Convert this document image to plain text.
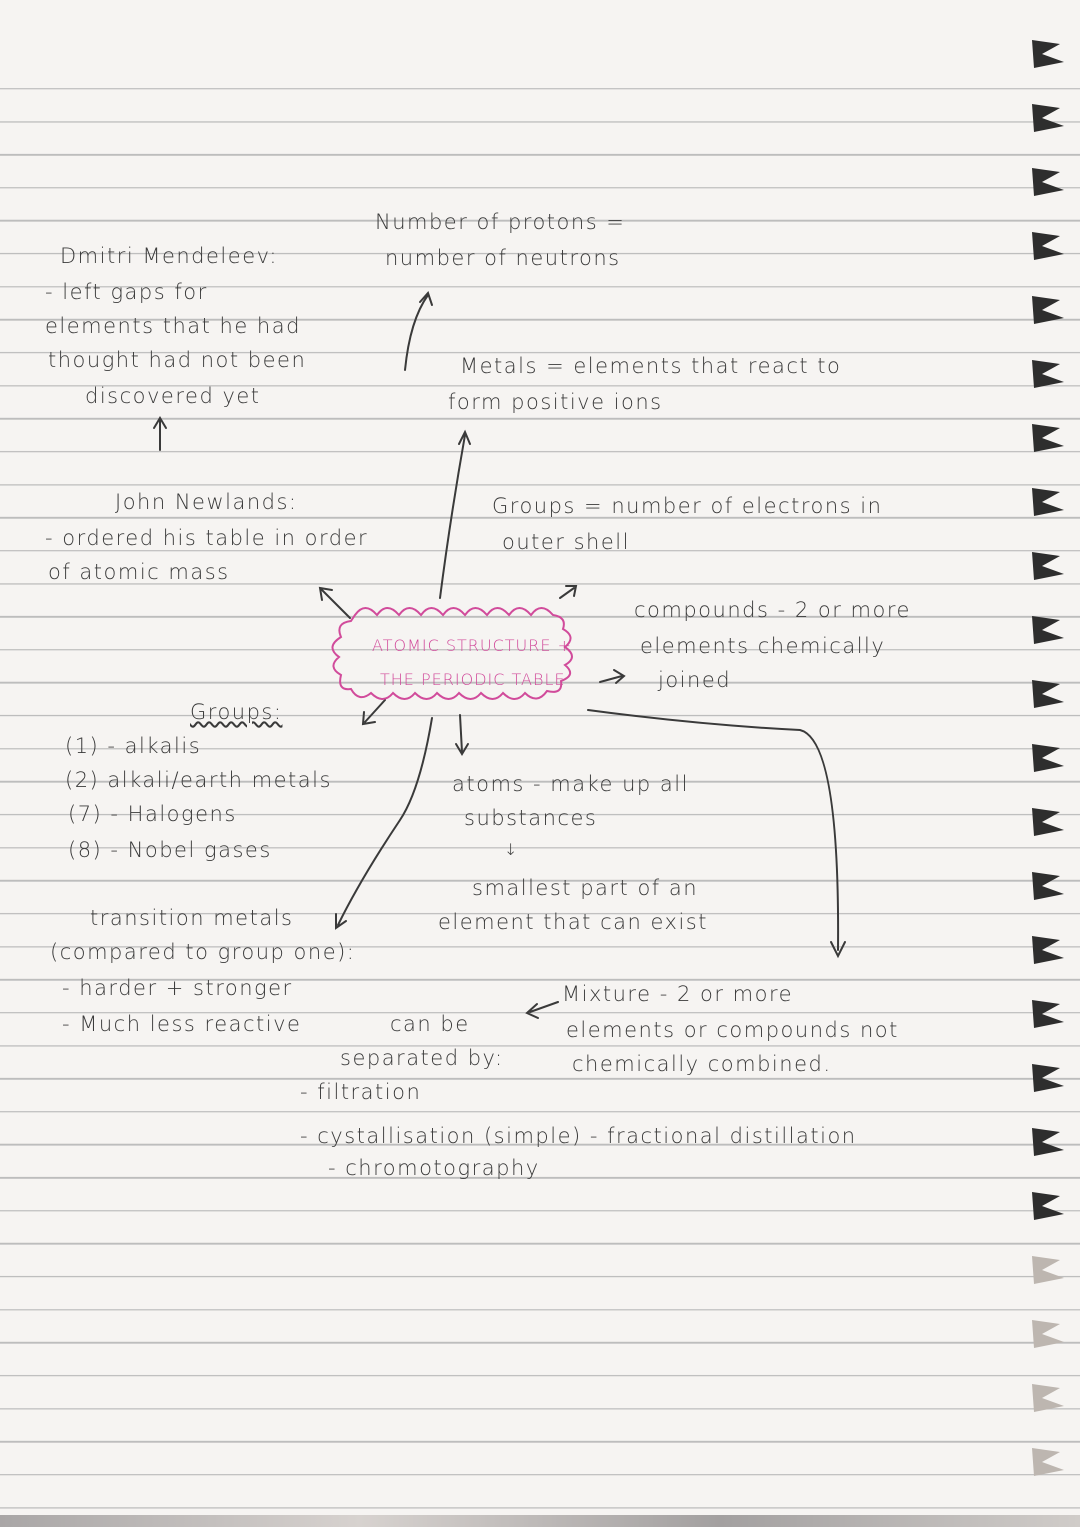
ATOMIC STRUCTURE +
THE PERIODIC TABLE
Number of protons =
number of neutrons
Dmitri Mendeleev:
- left gaps for
elements that he had
thought had not been
discovered yet
Metals = elements that react to
form positive ions
John Newlands:
- ordered his table in order
of atomic mass
Groups = number of electrons in
outer shell
compounds - 2 or more
elements chemically
joined
Groups:
(1) - alkalis
(2) alkali/earth metals
(7) - Halogens
(8) - Nobel gases
atoms - make up all
substances
↓
smallest part of an
element that can exist
transition metals
(compared to group one):
- harder + stronger
- Much less reactive
Mixture - 2 or more
elements or compounds not
chemically combined.
can be
separated by:
- filtration
- cystallisation (simple) - fractional distillation
- chromotography
